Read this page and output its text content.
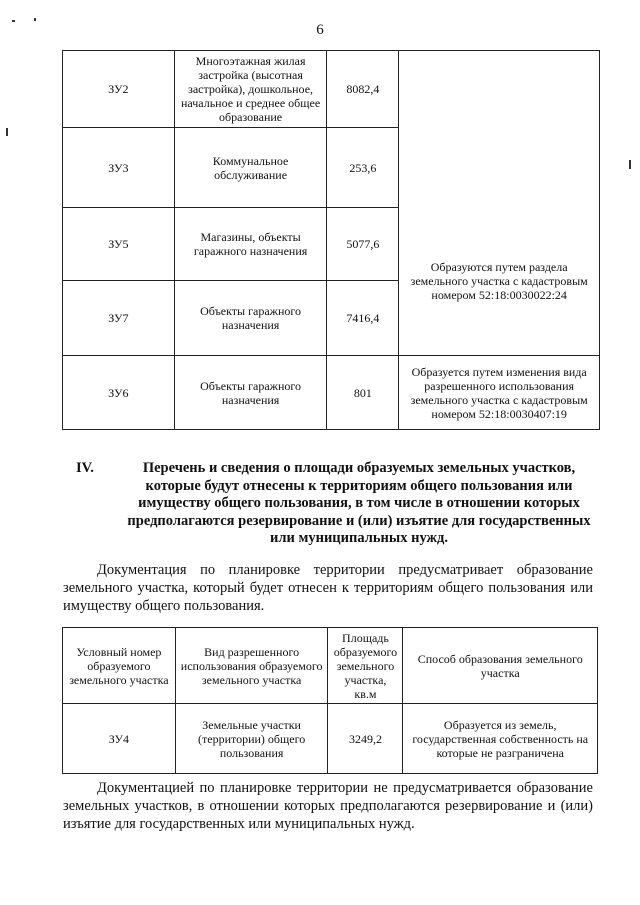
6
ЗУ2	Многоэтажная жилая застройка (высотная застройка), дошкольное, начальное и среднее общее образование	8082,4	
ЗУ3	Коммунальное обслуживание	253,6	
ЗУ5	Магазины, объекты гаражного назначения	5077,6	Образуются путем раздела земельного участка с кадастровым номером 52:18:0030022:24
ЗУ7	Объекты гаражного назначения	7416,4	
ЗУ6	Объекты гаражного назначения	801	Образуется путем изменения вида разрешенного использования земельного участка с кадастровым номером 52:18:0030407:19
IV.	Перечень и сведения о площади образуемых земельных участков, которые будут отнесены к территориям общего пользования или имуществу общего пользования, в том числе в отношении которых предполагаются резервирование и (или) изъятие для государственных или муниципальных нужд.
Документация по планировке территории предусматривает образование земельного участка, который будет отнесен к территориям общего пользования или имуществу общего пользования.
Условный номер образуемого земельного участка	Вид разрешенного использования образуемого земельного участка	Площадь образуемого земельного участка, кв.м	Способ образования земельного участка
ЗУ4	Земельные участки (территории) общего пользования	3249,2	Образуется из земель, государственная собственность на которые не разграничена
Документацией по планировке территории не предусматривается образование земельных участков, в отношении которых предполагаются резервирование и (или) изъятие для государственных или муниципальных нужд.
